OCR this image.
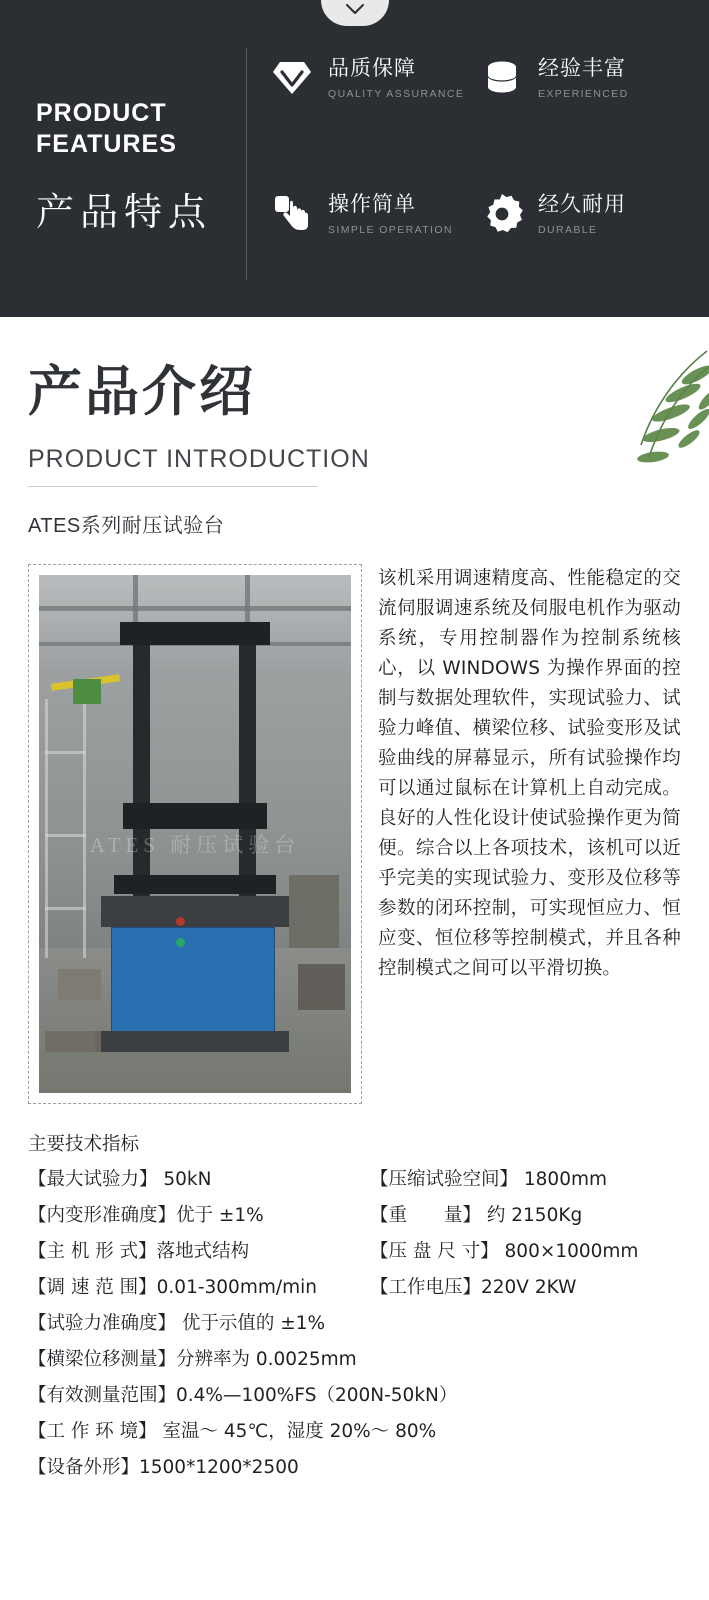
PRODUCT
FEATURES
产品特点
品质保障
QUALITY ASSURANCE
经验丰富
EXPERIENCED
操作简单
SIMPLE OPERATION
经久耐用
DURABLE
产品介绍
PRODUCT INTRODUCTION
ATES系列耐压试验台
ATES 耐压试验台
该机采用调速精度高、性能稳定的交流伺服调速系统及伺服电机作为驱动系统，专用控制器作为控制系统核心，以 WINDOWS 为操作界面的控制与数据处理软件，实现试验力、试验力峰值、横梁位移、试验变形及试验曲线的屏幕显示，所有试验操作均可以通过鼠标在计算机上自动完成。良好的人性化设计使试验操作更为简便。综合以上各项技术，该机可以近乎完美的实现试验力、变形及位移等参数的闭环控制，可实现恒应力、恒应变、恒位移等控制模式，并且各种控制模式之间可以平滑切换。
主要技术指标
【最大试验力】 50kN	【压缩试验空间】 1800mm
【内变形准确度】优于 ±1%	【重　　量】 约 2150Kg
【主 机 形 式】落地式结构	【压 盘 尺 寸】 800×1000mm
【调 速 范 围】0.01-300mm/min	【工作电压】220V 2KW
【试验力准确度】 优于示值的 ±1%
【横梁位移测量】分辨率为 0.0025mm
【有效测量范围】0.4%—100%FS（200N-50kN）
【工 作 环 境】 室温～ 45℃，湿度 20%～ 80%
【设备外形】1500*1200*2500
